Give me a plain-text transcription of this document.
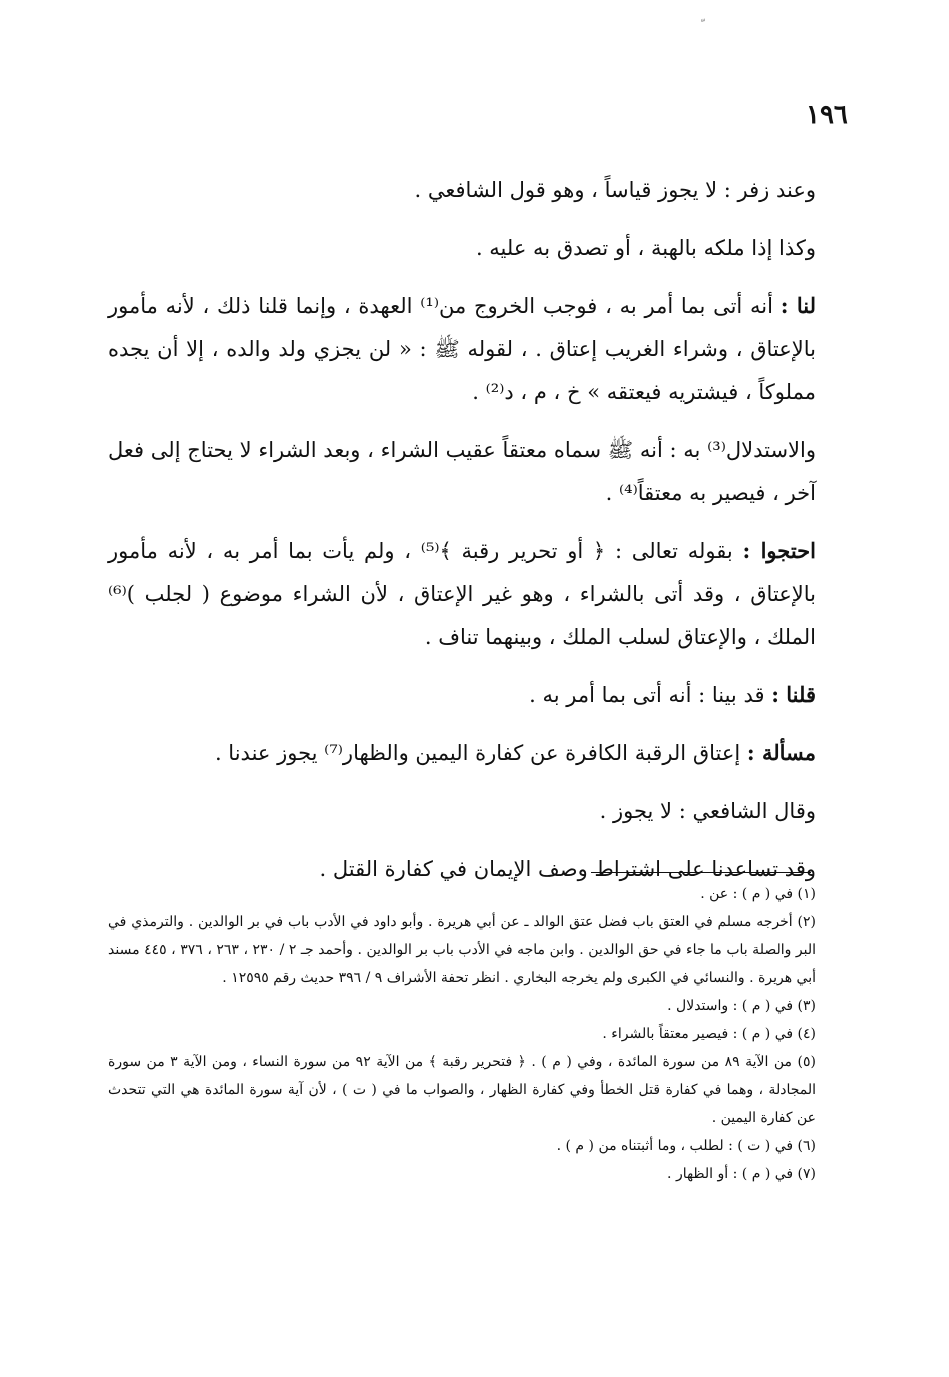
١٩٦

وعند زفر : لا يجوز قياساً ، وهو قول الشافعي .

وكذا إذا ملكه بالهبة ، أو تصدق به عليه .

لنا : أنه أتى بما أمر به ، فوجب الخروج من⁽¹⁾ العهدة ، وإنما قلنا ذلك ، لأنه مأمور بالإعتاق ، وشراء الغريب إعتاق . ، لقوله ﷺ : « لن يجزي ولد والده ، إلا أن يجده مملوكاً ، فيشتريه فيعتقه » خ ، م ، د⁽²⁾ .

والاستدلال⁽³⁾ به : أنه ﷺ سماه معتقاً عقيب الشراء ، وبعد الشراء لا يحتاج إلى فعل آخر ، فيصير به معتقاً⁽⁴⁾ .

احتجوا : بقوله تعالى : ﴿ أو تحرير رقبة ﴾⁽⁵⁾ ، ولم يأت بما أمر به ، لأنه مأمور بالإعتاق ، وقد أتى بالشراء ، وهو غير الإعتاق ، لأن الشراء موضوع ( لجلب )⁽⁶⁾ الملك ، والإعتاق لسلب الملك ، وبينهما تناف .

قلنا : قد بينا : أنه أتى بما أمر به .

مسألة : إعتاق الرقبة الكافرة عن كفارة اليمين والظهار⁽⁷⁾ يجوز عندنا .

وقال الشافعي : لا يجوز .

وقد تساعدنا على اشتراط وصف الإيمان في كفارة القتل .

(١) في ( م ) : عن .

(٢) أخرجه مسلم في العتق باب فضل عتق الوالد ـ عن أبي هريرة . وأبو داود في الأدب باب في بر الوالدين . والترمذي في البر والصلة باب ما جاء في حق الوالدين . وابن ماجه في الأدب باب بر الوالدين . وأحمد جـ ٢ / ٢٣٠ ، ٢٦٣ ، ٣٧٦ ، ٤٤٥ مسند أبي هريرة . والنسائي في الكبرى ولم يخرجه البخاري . انظر تحفة الأشراف ٩ / ٣٩٦ حديث رقم ١٢٥٩٥ .

(٣) في ( م ) : واستدلال .

(٤) في ( م ) : فيصير معتقاً بالشراء .

(٥) من الآية ٨٩ من سورة المائدة ، وفي ( م ) . ﴿ فتحرير رقبة ﴾ من الآية ٩٢ من سورة النساء ، ومن الآية ٣ من سورة المجادلة ، وهما في كفارة قتل الخطأ وفي كفارة الظهار ، والصواب ما في ( ت ) ، لأن آية سورة المائدة هي التي تتحدث عن كفارة اليمين .

(٦) في ( ت ) : لطلب ، وما أثبتناه من ( م ) .

(٧) في ( م ) : أو الظهار .
